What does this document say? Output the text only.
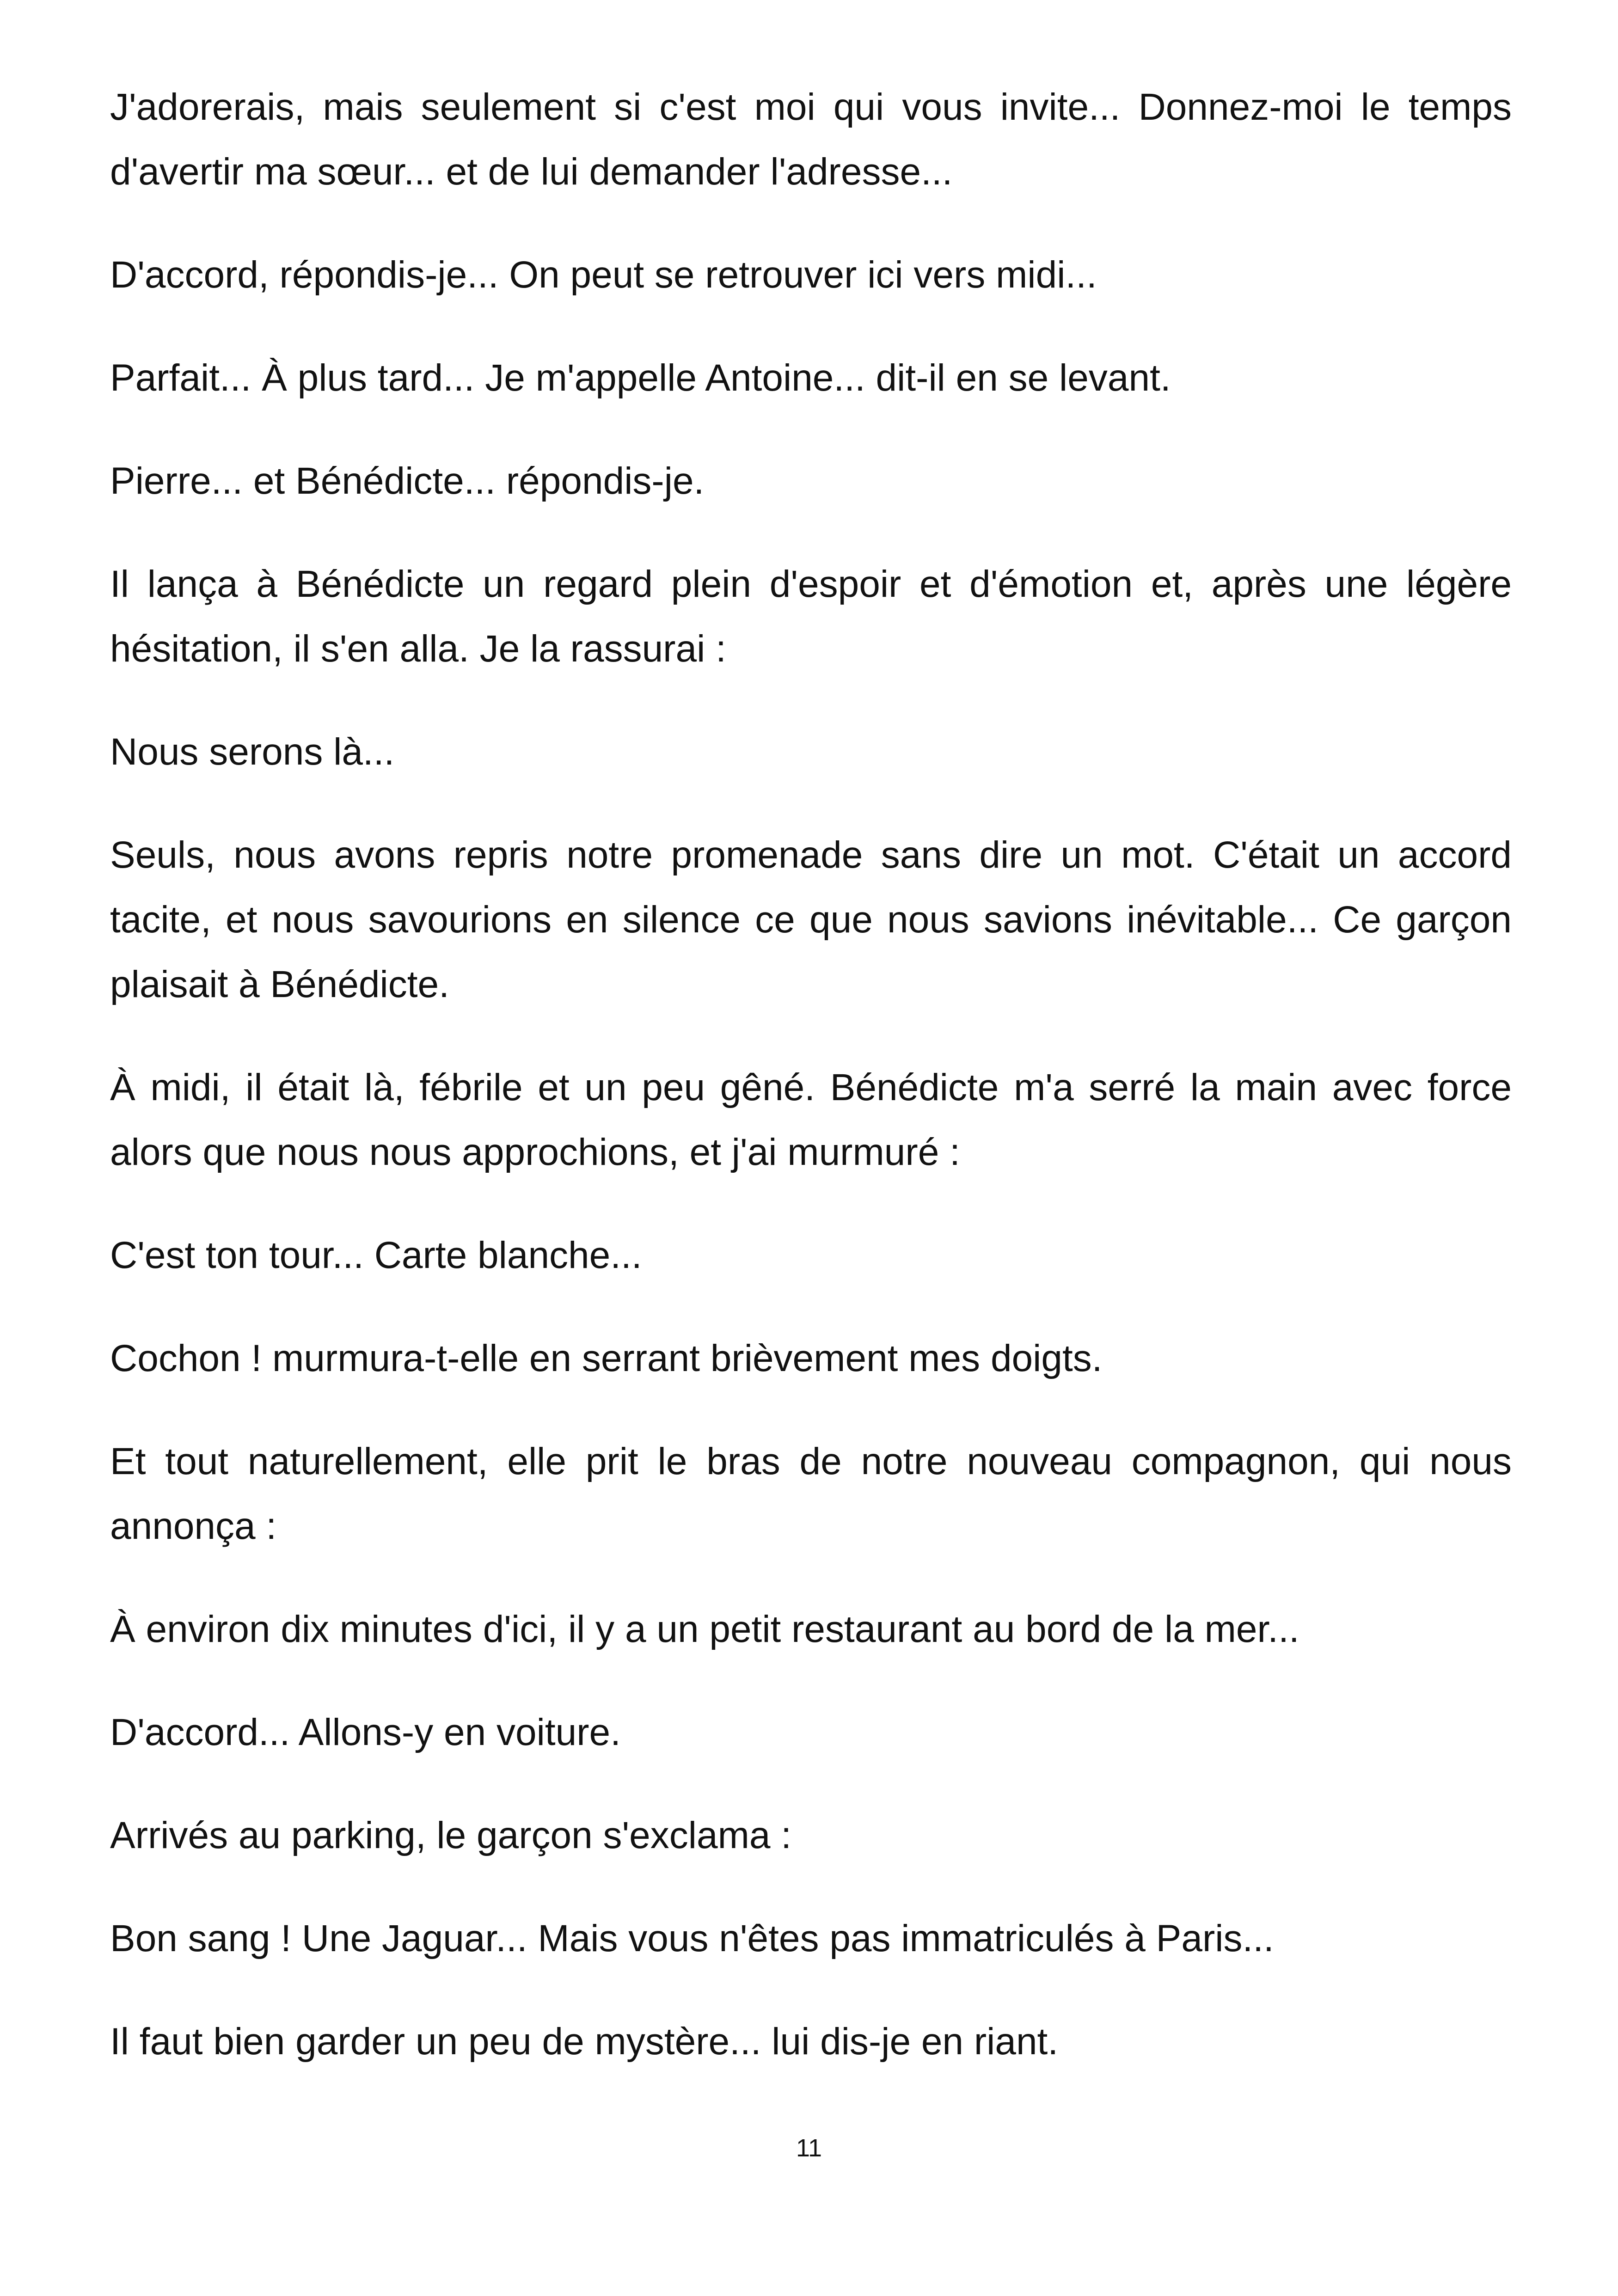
J'adorerais, mais seulement si c'est moi qui vous invite... Donnez-moi le temps d'avertir ma sœur... et de lui demander l'adresse...

D'accord, répondis-je... On peut se retrouver ici vers midi...

Parfait... À plus tard... Je m'appelle Antoine... dit-il en se levant.

Pierre... et Bénédicte... répondis-je.

Il lança à Bénédicte un regard plein d'espoir et d'émotion et, après une légère hésitation, il s'en alla. Je la rassurai :

Nous serons là...

Seuls, nous avons repris notre promenade sans dire un mot. C'était un accord tacite, et nous savourions en silence ce que nous savions inévitable... Ce garçon plaisait à Bénédicte.

À midi, il était là, fébrile et un peu gêné. Bénédicte m'a serré la main avec force alors que nous nous approchions, et j'ai murmuré :

C'est ton tour... Carte blanche...

Cochon ! murmura-t-elle en serrant brièvement mes doigts.

Et tout naturellement, elle prit le bras de notre nouveau compagnon, qui nous annonça :

À environ dix minutes d'ici, il y a un petit restaurant au bord de la mer...

D'accord... Allons-y en voiture.

Arrivés au parking, le garçon s'exclama :

Bon sang ! Une Jaguar... Mais vous n'êtes pas immatriculés à Paris...

Il faut bien garder un peu de mystère... lui dis-je en riant.

11
